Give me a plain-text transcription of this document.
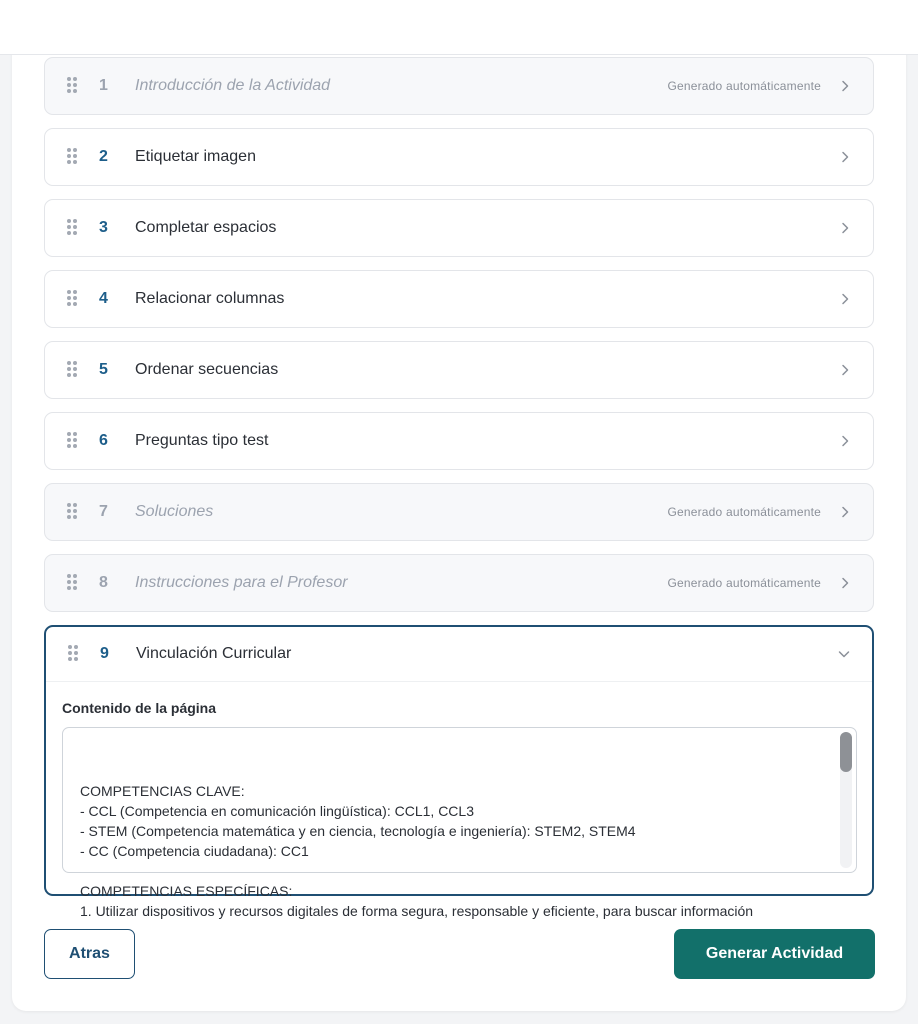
1	Introducción de la Actividad	Generado automáticamente
2	Etiquetar imagen
3	Completar espacios
4	Relacionar columnas
5	Ordenar secuencias
6	Preguntas tipo test
7	Soluciones	Generado automáticamente
8	Instrucciones para el Profesor	Generado automáticamente
9	Vinculación Curricular
Contenido de la página

COMPETENCIAS CLAVE:
- CCL (Competencia en comunicación lingüística): CCL1, CCL3
- STEM (Competencia matemática y en ciencia, tecnología e ingeniería): STEM2, STEM4
- CC (Competencia ciudadana): CC1

COMPETENCIAS ESPECÍFICAS:
1. Utilizar dispositivos y recursos digitales de forma segura, responsable y eficiente, para buscar información

Atras	Generar Actividad
